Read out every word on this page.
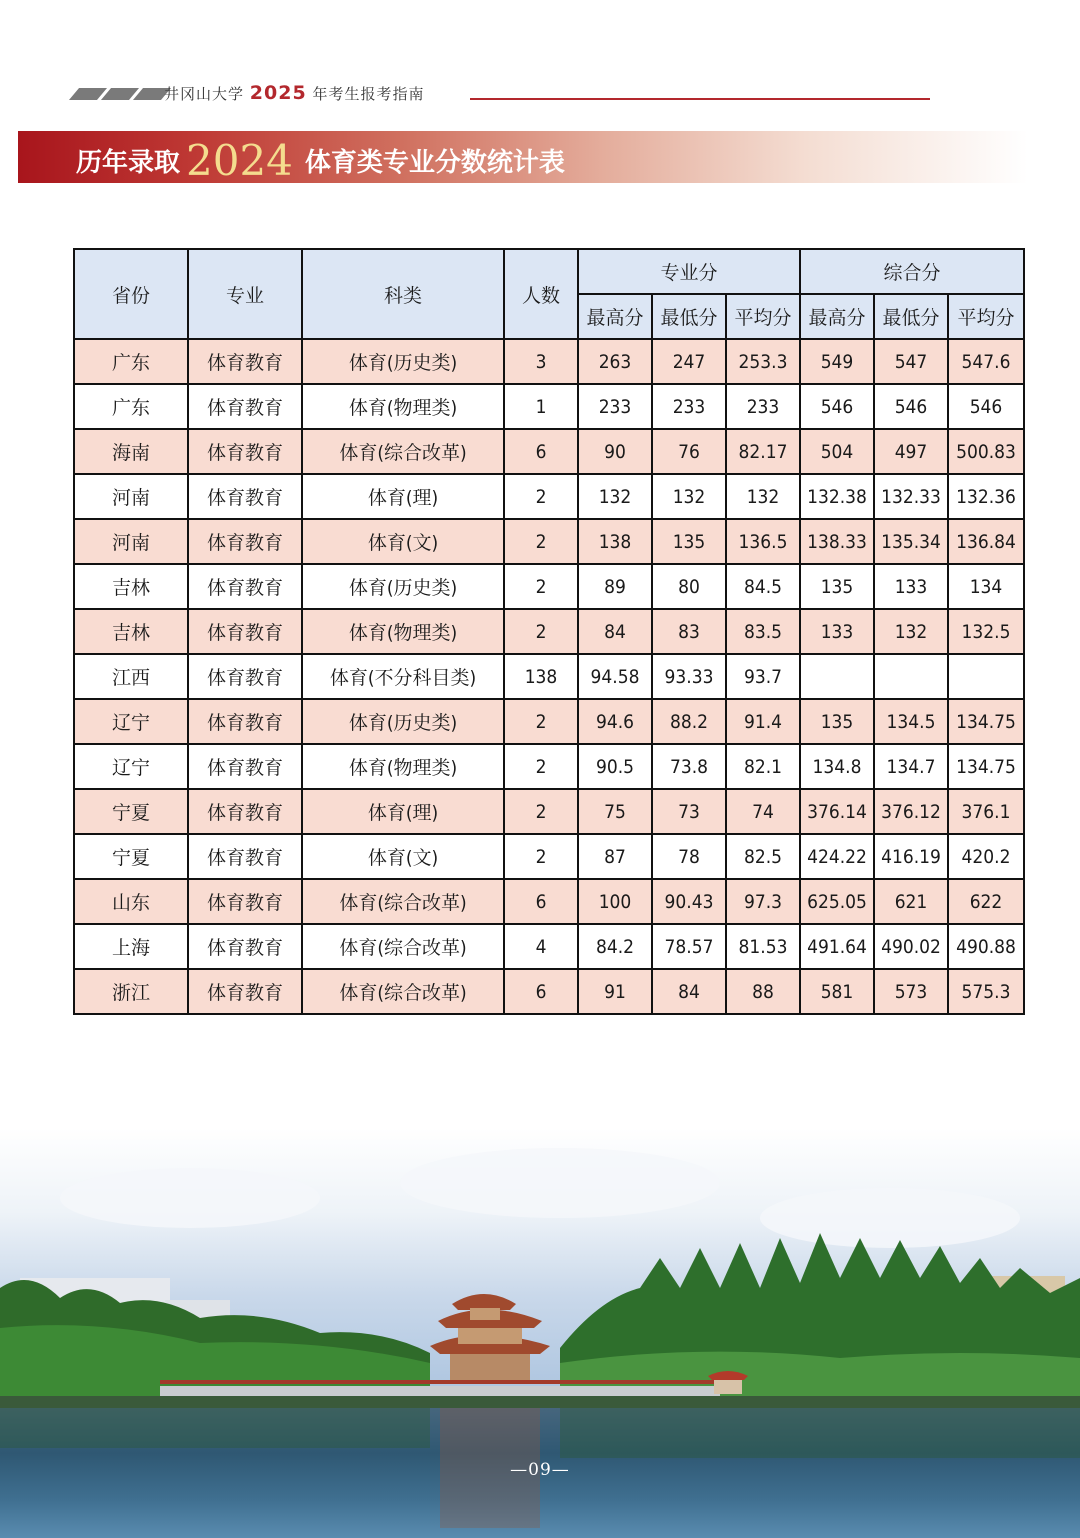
井冈山大学 2025 年考生报考指南
历年录取 2024 体育类专业分数统计表
省份	专业	科类	人数	专业分			综合分		
				最高分	最低分	平均分	最高分	最低分	平均分
广东	体育教育	体育(历史类)	3	263	247	253.3	549	547	547.6
广东	体育教育	体育(物理类)	1	233	233	233	546	546	546
海南	体育教育	体育(综合改革)	6	90	76	82.17	504	497	500.83
河南	体育教育	体育(理)	2	132	132	132	132.38	132.33	132.36
河南	体育教育	体育(文)	2	138	135	136.5	138.33	135.34	136.84
吉林	体育教育	体育(历史类)	2	89	80	84.5	135	133	134
吉林	体育教育	体育(物理类)	2	84	83	83.5	133	132	132.5
江西	体育教育	体育(不分科目类)	138	94.58	93.33	93.7			
辽宁	体育教育	体育(历史类)	2	94.6	88.2	91.4	135	134.5	134.75
辽宁	体育教育	体育(物理类)	2	90.5	73.8	82.1	134.8	134.7	134.75
宁夏	体育教育	体育(理)	2	75	73	74	376.14	376.12	376.1
宁夏	体育教育	体育(文)	2	87	78	82.5	424.22	416.19	420.2
山东	体育教育	体育(综合改革)	6	100	90.43	97.3	625.05	621	622
上海	体育教育	体育(综合改革)	4	84.2	78.57	81.53	491.64	490.02	490.88
浙江	体育教育	体育(综合改革)	6	91	84	88	581	573	575.3
—09—
